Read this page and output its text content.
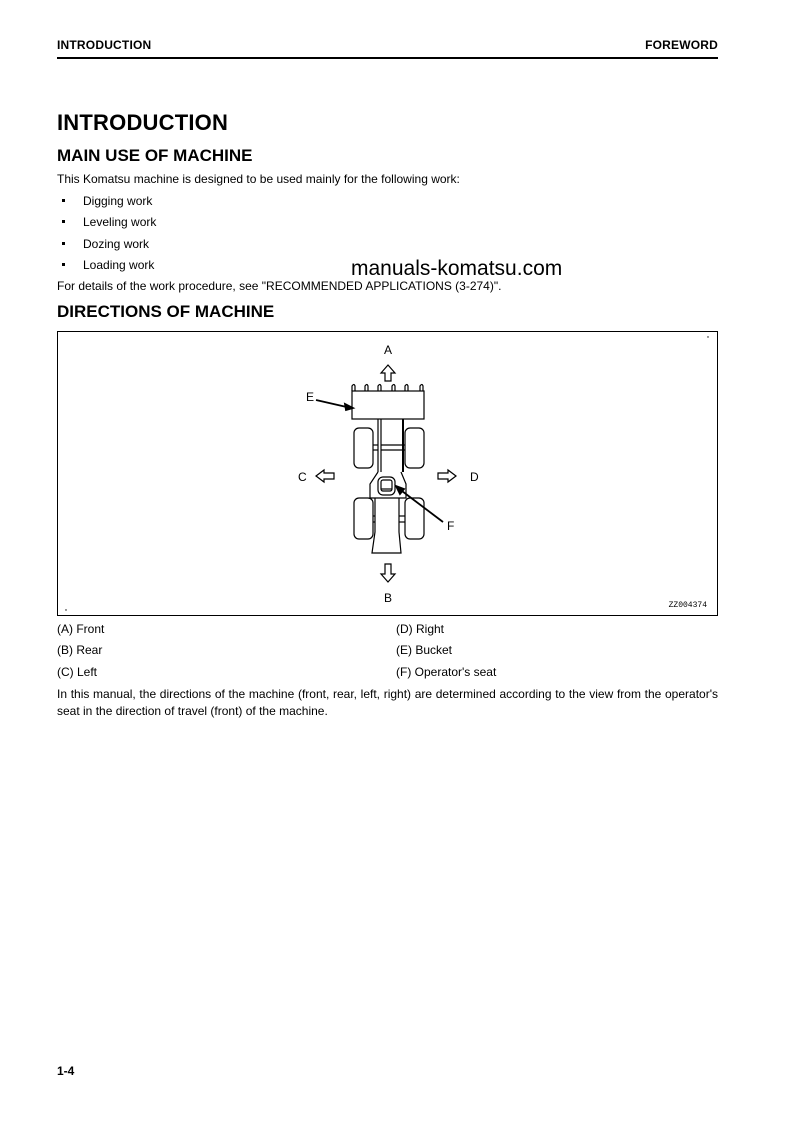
INTRODUCTION	FOREWORD
INTRODUCTION
MAIN USE OF MACHINE

This Komatsu machine is designed to be used mainly for the following work:

Digging work
Leveling work
Dozing work
Loading work	manuals-komatsu.com

For details of the work procedure, see "RECOMMENDED APPLICATIONS (3-274)".

DIRECTIONS OF MACHINE
A
E
C	D
F
B
ZZ004374
(A) Front
(B) Rear
(C) Left
(D) Right
(E) Bucket
(F) Operator's seat

In this manual, the directions of the machine (front, rear, left, right) are determined according to the view from the operator's seat in the direction of travel (front) of the machine.

1-4
